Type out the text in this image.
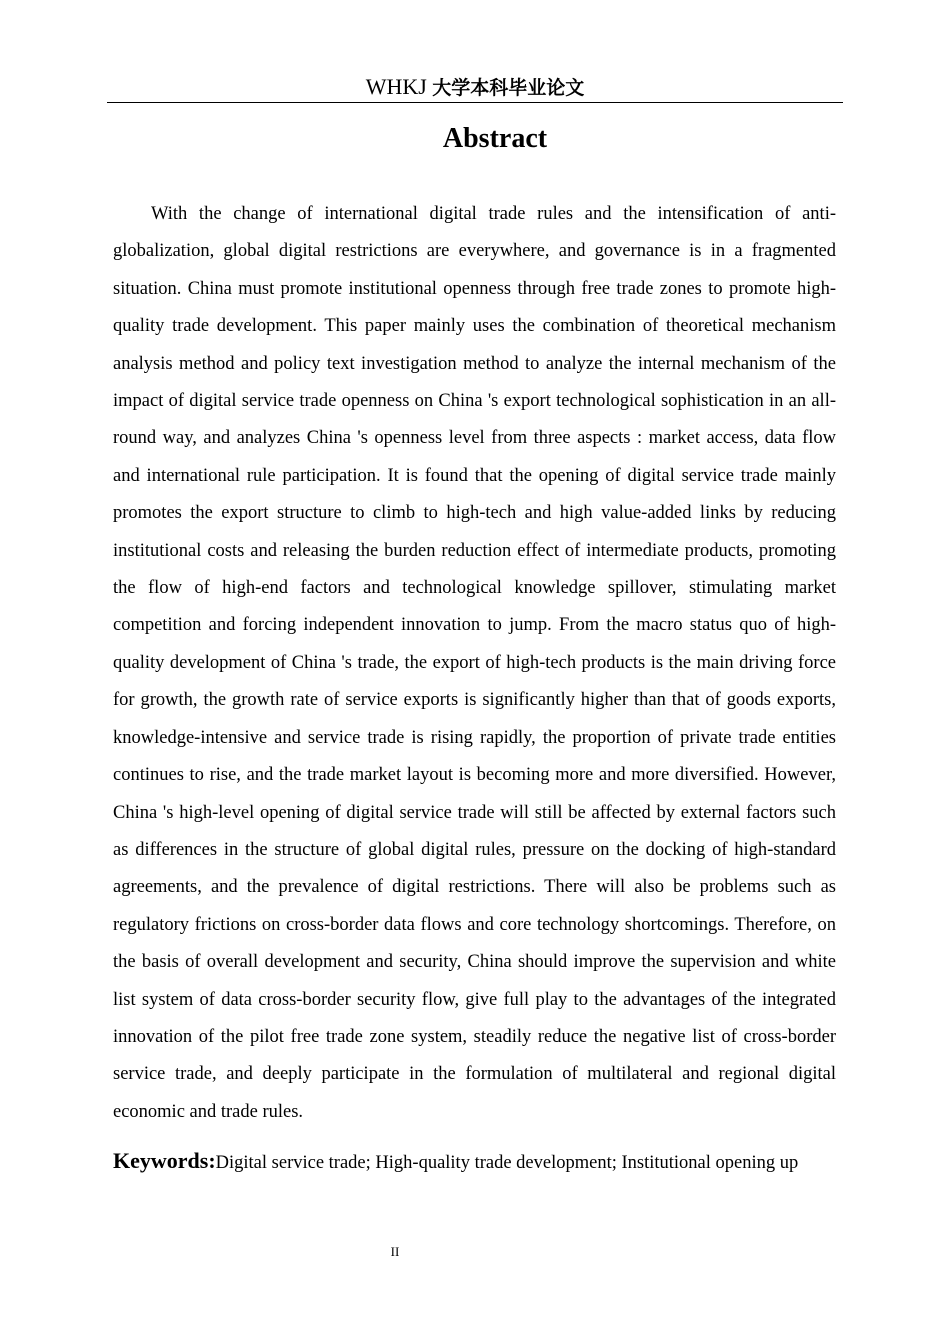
WHKJ 大学本科毕业论文
Abstract

With the change of international digital trade rules and the intensification of anti-globalization, global digital restrictions are everywhere, and governance is in a fragmented situation. China must promote institutional openness through free trade zones to promote high-quality trade development. This paper mainly uses the combination of theoretical mechanism analysis method and policy text investigation method to analyze the internal mechanism of the impact of digital service trade openness on China 's export technological sophistication in an all-round way, and analyzes China 's openness level from three aspects : market access, data flow and international rule participation. It is found that the opening of digital service trade mainly promotes the export structure to climb to high-tech and high value-added links by reducing institutional costs and releasing the burden reduction effect of intermediate products, promoting the flow of high-end factors and technological knowledge spillover, stimulating market competition and forcing independent innovation to jump. From the macro status quo of high-quality development of China 's trade, the export of high-tech products is the main driving force for growth, the growth rate of service exports is significantly higher than that of goods exports, knowledge-intensive and service trade is rising rapidly, the proportion of private trade entities continues to rise, and the trade market layout is becoming more and more diversified. However, China 's high-level opening of digital service trade will still be affected by external factors such as differences in the structure of global digital rules, pressure on the docking of high-standard agreements, and the prevalence of digital restrictions. There will also be problems such as regulatory frictions on cross-border data flows and core technology shortcomings. Therefore, on the basis of overall development and security, China should improve the supervision and white list system of data cross-border security flow, give full play to the advantages of the integrated innovation of the pilot free trade zone system, steadily reduce the negative list of cross-border service trade, and deeply participate in the formulation of multilateral and regional digital economic and trade rules.

Keywords:Digital service trade; High-quality trade development; Institutional opening up

II
